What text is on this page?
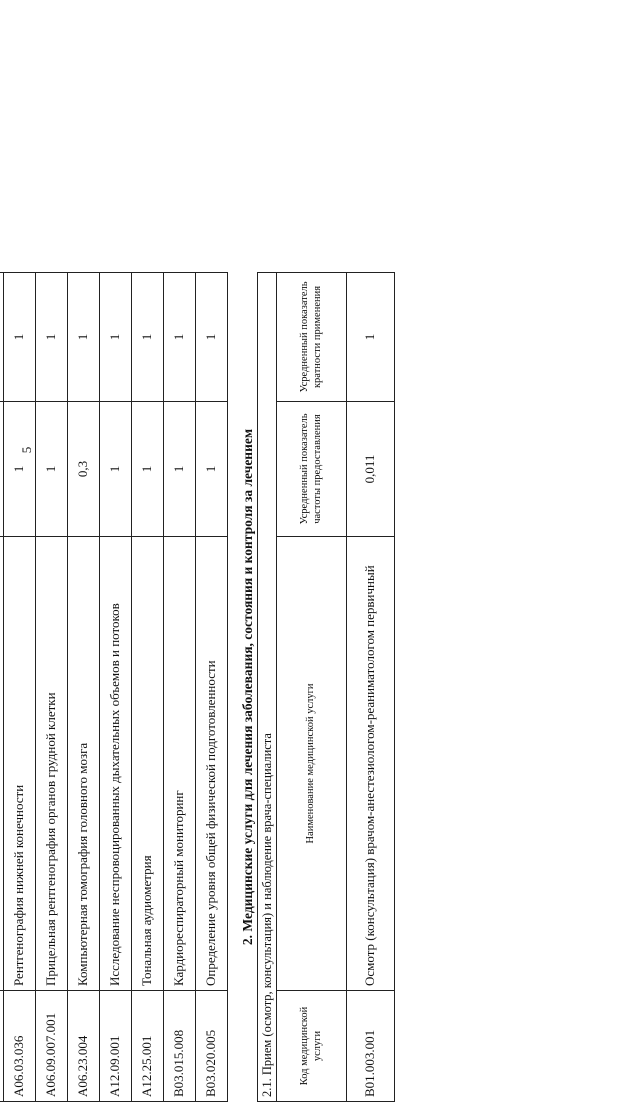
5

A06.03.036	Рентгенография нижней конечности	1	1
A06.09.007.001	Прицельная рентгенография органов грудной клетки	1	1
A06.23.004	Компьютерная томография головного мозга	0,3	1
A12.09.001	Исследование неспровоцированных дыхательных объемов и потоков	1	1
A12.25.001	Тональная аудиометрия	1	1
B03.015.008	Кардиореспираторный мониторинг	1	1
B03.020.005	Определение уровня общей физической подготовленности	1	1
2. Медицинские услуги для лечения заболевания, состояния и контроля за лечением 2.1. Прием (осмотр, консультация) и наблюдение врача-специалиста			
Код медицинской услуги	Наименование медицинской услуги	Усредненный показатель частоты предоставления	Усредненный показатель кратности применения
B01.003.001	Осмотр (консультация) врачом-анестезиологом-реаниматологом первичный	0,011	1
